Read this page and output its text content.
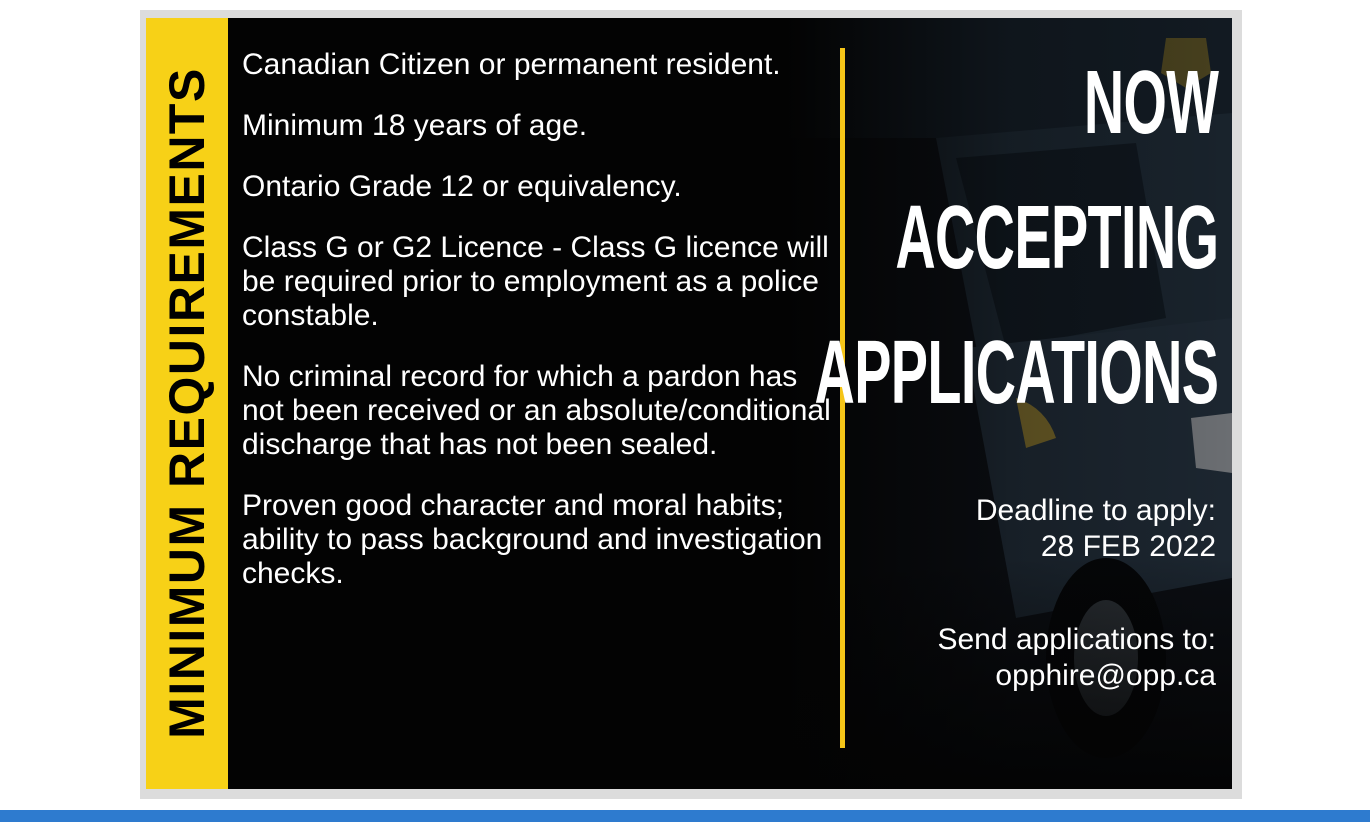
MINIMUM REQUIREMENTS
Canadian Citizen or permanent resident.
Minimum 18 years of age.
Ontario Grade 12 or equivalency.
Class G or G2 Licence - Class G licence will be required prior to employment as a police constable.
No criminal record for which a pardon has not been received or an absolute/conditional discharge that has not been sealed.
Proven good character and moral habits; ability to pass background and investigation checks.
NOW
ACCEPTING
APPLICATIONS
Deadline to apply:
28 FEB 2022
Send applications to:
opphire@opp.ca
